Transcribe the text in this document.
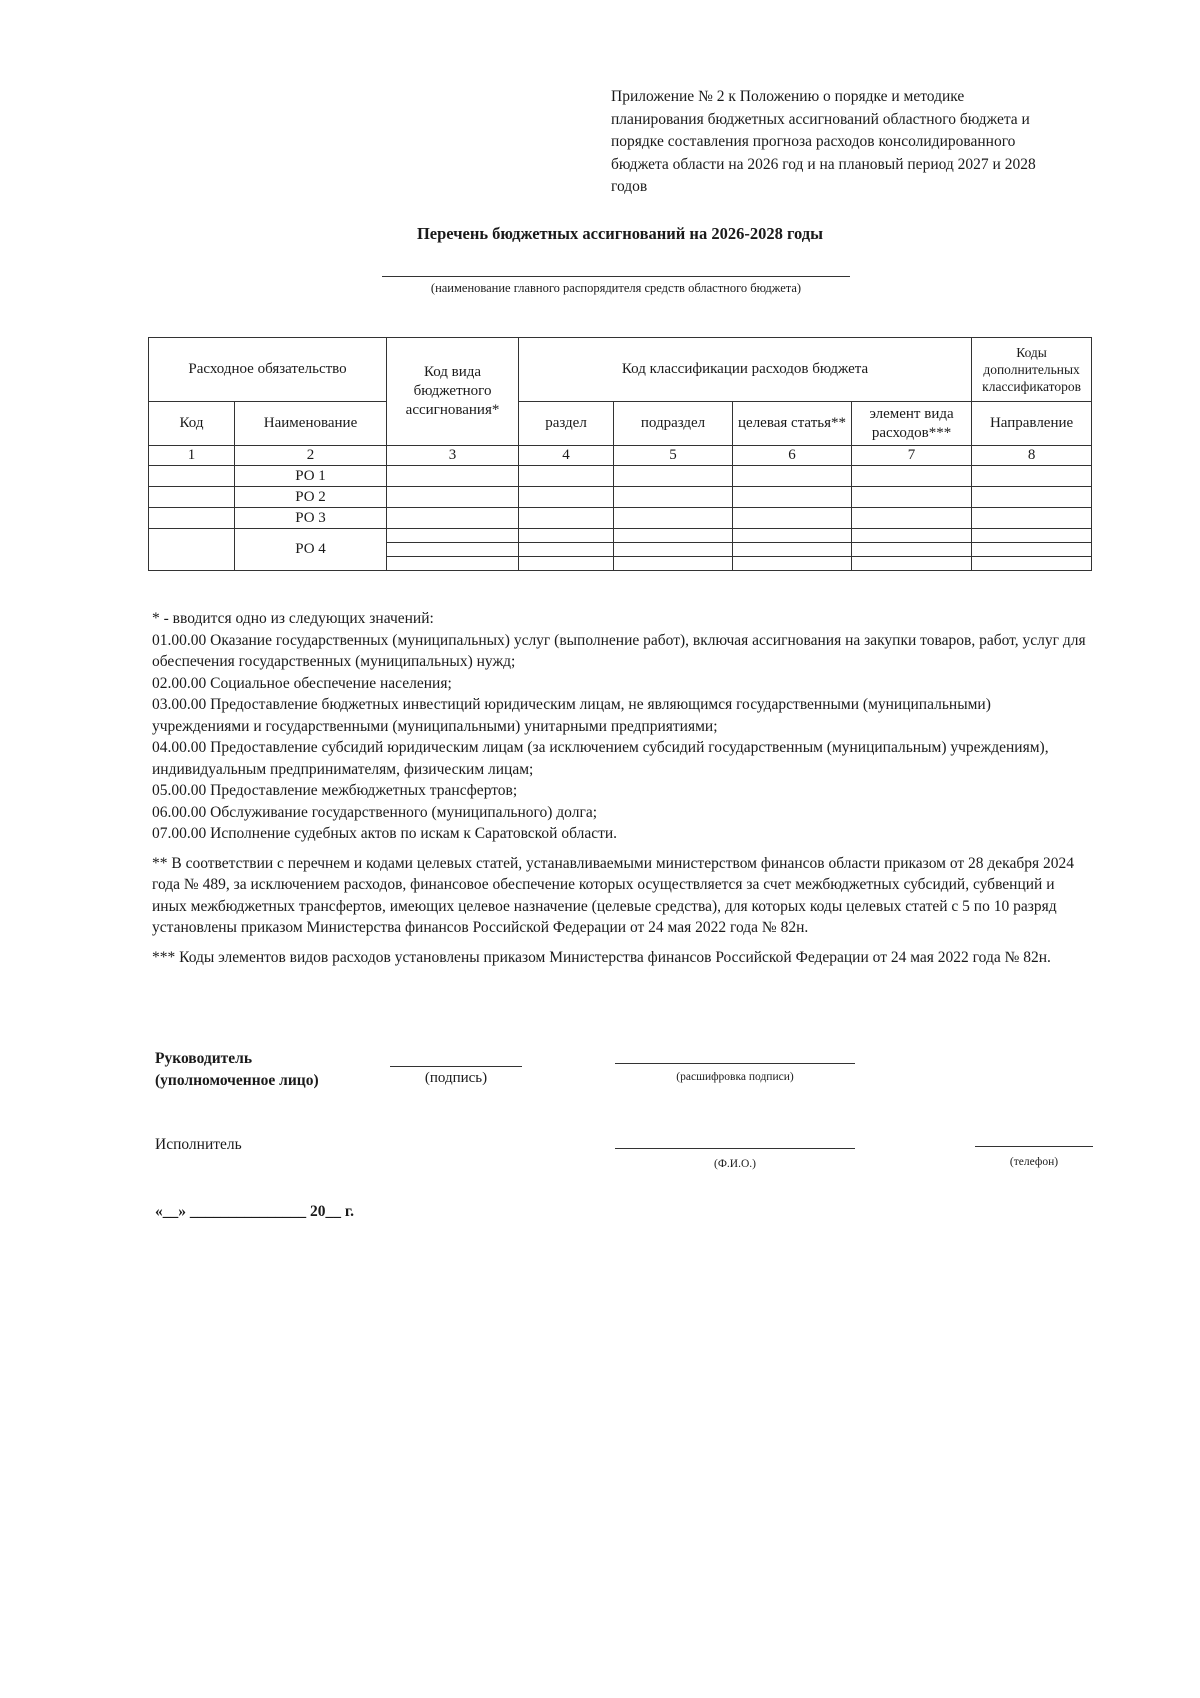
Приложение № 2 к Положению о порядке и методике
планирования бюджетных ассигнований областного бюджета и
порядке составления прогноза расходов консолидированного
бюджета области на 2026 год и на плановый период 2027 и 2028
годов
Перечень бюджетных ассигнований на 2026-2028 годы
(наименование главного распорядителя средств областного бюджета)
Расходное обязательство		Код вида бюджетного ассигнования*	Код классификации расходов бюджета				Коды дополнительных классификаторов
Код	Наименование		раздел	подраздел	целевая статья**	элемент вида расходов***	Направление
1	2	3	4	5	6	7	8
	РО 1						
	РО 2						
	РО 3						
	РО 4						

* - вводится одно из следующих значений:

01.00.00 Оказание государственных (муниципальных) услуг (выполнение работ), включая ассигнования на закупки товаров, работ, услуг для обеспечения государственных (муниципальных) нужд;

02.00.00 Социальное обеспечение населения;

03.00.00 Предоставление бюджетных инвестиций юридическим лицам, не являющимся государственными (муниципальными) учреждениями и государственными (муниципальными) унитарными предприятиями;

04.00.00 Предоставление субсидий юридическим лицам (за исключением субсидий государственным (муниципальным) учреждениям), индивидуальным предпринимателям, физическим лицам;

05.00.00 Предоставление межбюджетных трансфертов;

06.00.00 Обслуживание государственного (муниципального) долга;

07.00.00 Исполнение судебных актов по искам к Саратовской области.

** В соответствии с перечнем и кодами целевых статей, устанавливаемыми министерством финансов области приказом от 28 декабря 2024 года № 489, за исключением расходов, финансовое обеспечение которых осуществляется за счет межбюджетных субсидий, субвенций и иных межбюджетных трансфертов, имеющих целевое назначение (целевые средства), для которых коды целевых статей с 5 по 10 разряд установлены приказом Министерства финансов Российской Федерации от 24 мая 2022 года № 82н.

*** Коды элементов видов расходов установлены приказом Министерства финансов Российской Федерации от 24 мая 2022 года № 82н.

Руководитель
(уполномоченное лицо)	(подпись)	(расшифровка подписи)
Исполнитель
(Ф.И.О.)	(телефон)
«__» _______________ 20__ г.
